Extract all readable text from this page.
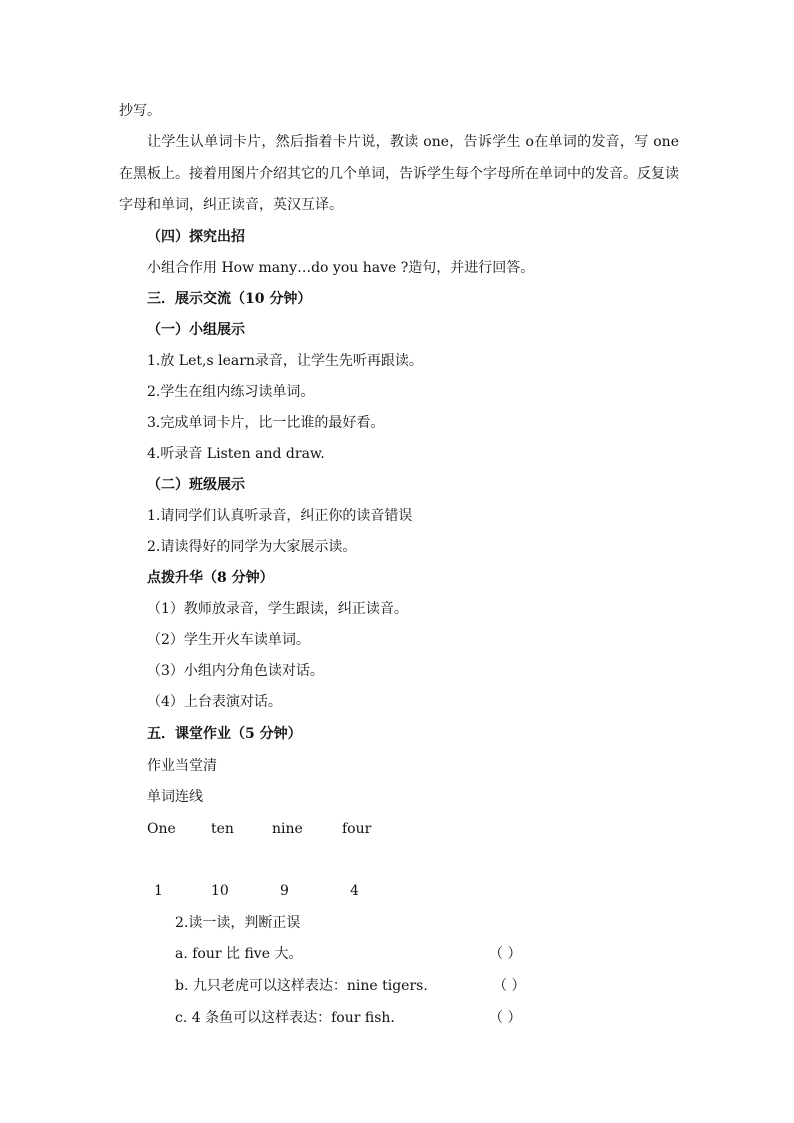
抄写。
让学生认单词卡片，然后指着卡片说，教读 one，告诉学生 o在单词的发音，写 one 在黑板上。接着用图片介绍其它的几个单词，告诉学生每个字母所在单词中的发音。反复读字母和单词，纠正读音，英汉互译。
（四）探究出招
小组合作用 How many…do you have ?造句，并进行回答。
三．展示交流（10 分钟）
（一）小组展示
1.放 Let,s learn录音，让学生先听再跟读。
2.学生在组内练习读单词。
3.完成单词卡片，比一比谁的最好看。
4.听录音 Listen and draw.
（二）班级展示
1.请同学们认真听录音，纠正你的读音错误
2.请读得好的同学为大家展示读。
点拨升华（8 分钟）
（1）教师放录音，学生跟读，纠正读音。
（2）学生开火车读单词。
（3）小组内分角色读对话。
（4）上台表演对话。
五．课堂作业（5 分钟）
作业当堂清
单词连线
One	ten	nine	four
1	10	9	4
2.读一读，判断正误
a. four 比 five 大。	（ ）
b. 九只老虎可以这样表达：nine tigers.	（ ）
c. 4 条鱼可以这样表达：four fish.	（ ）
